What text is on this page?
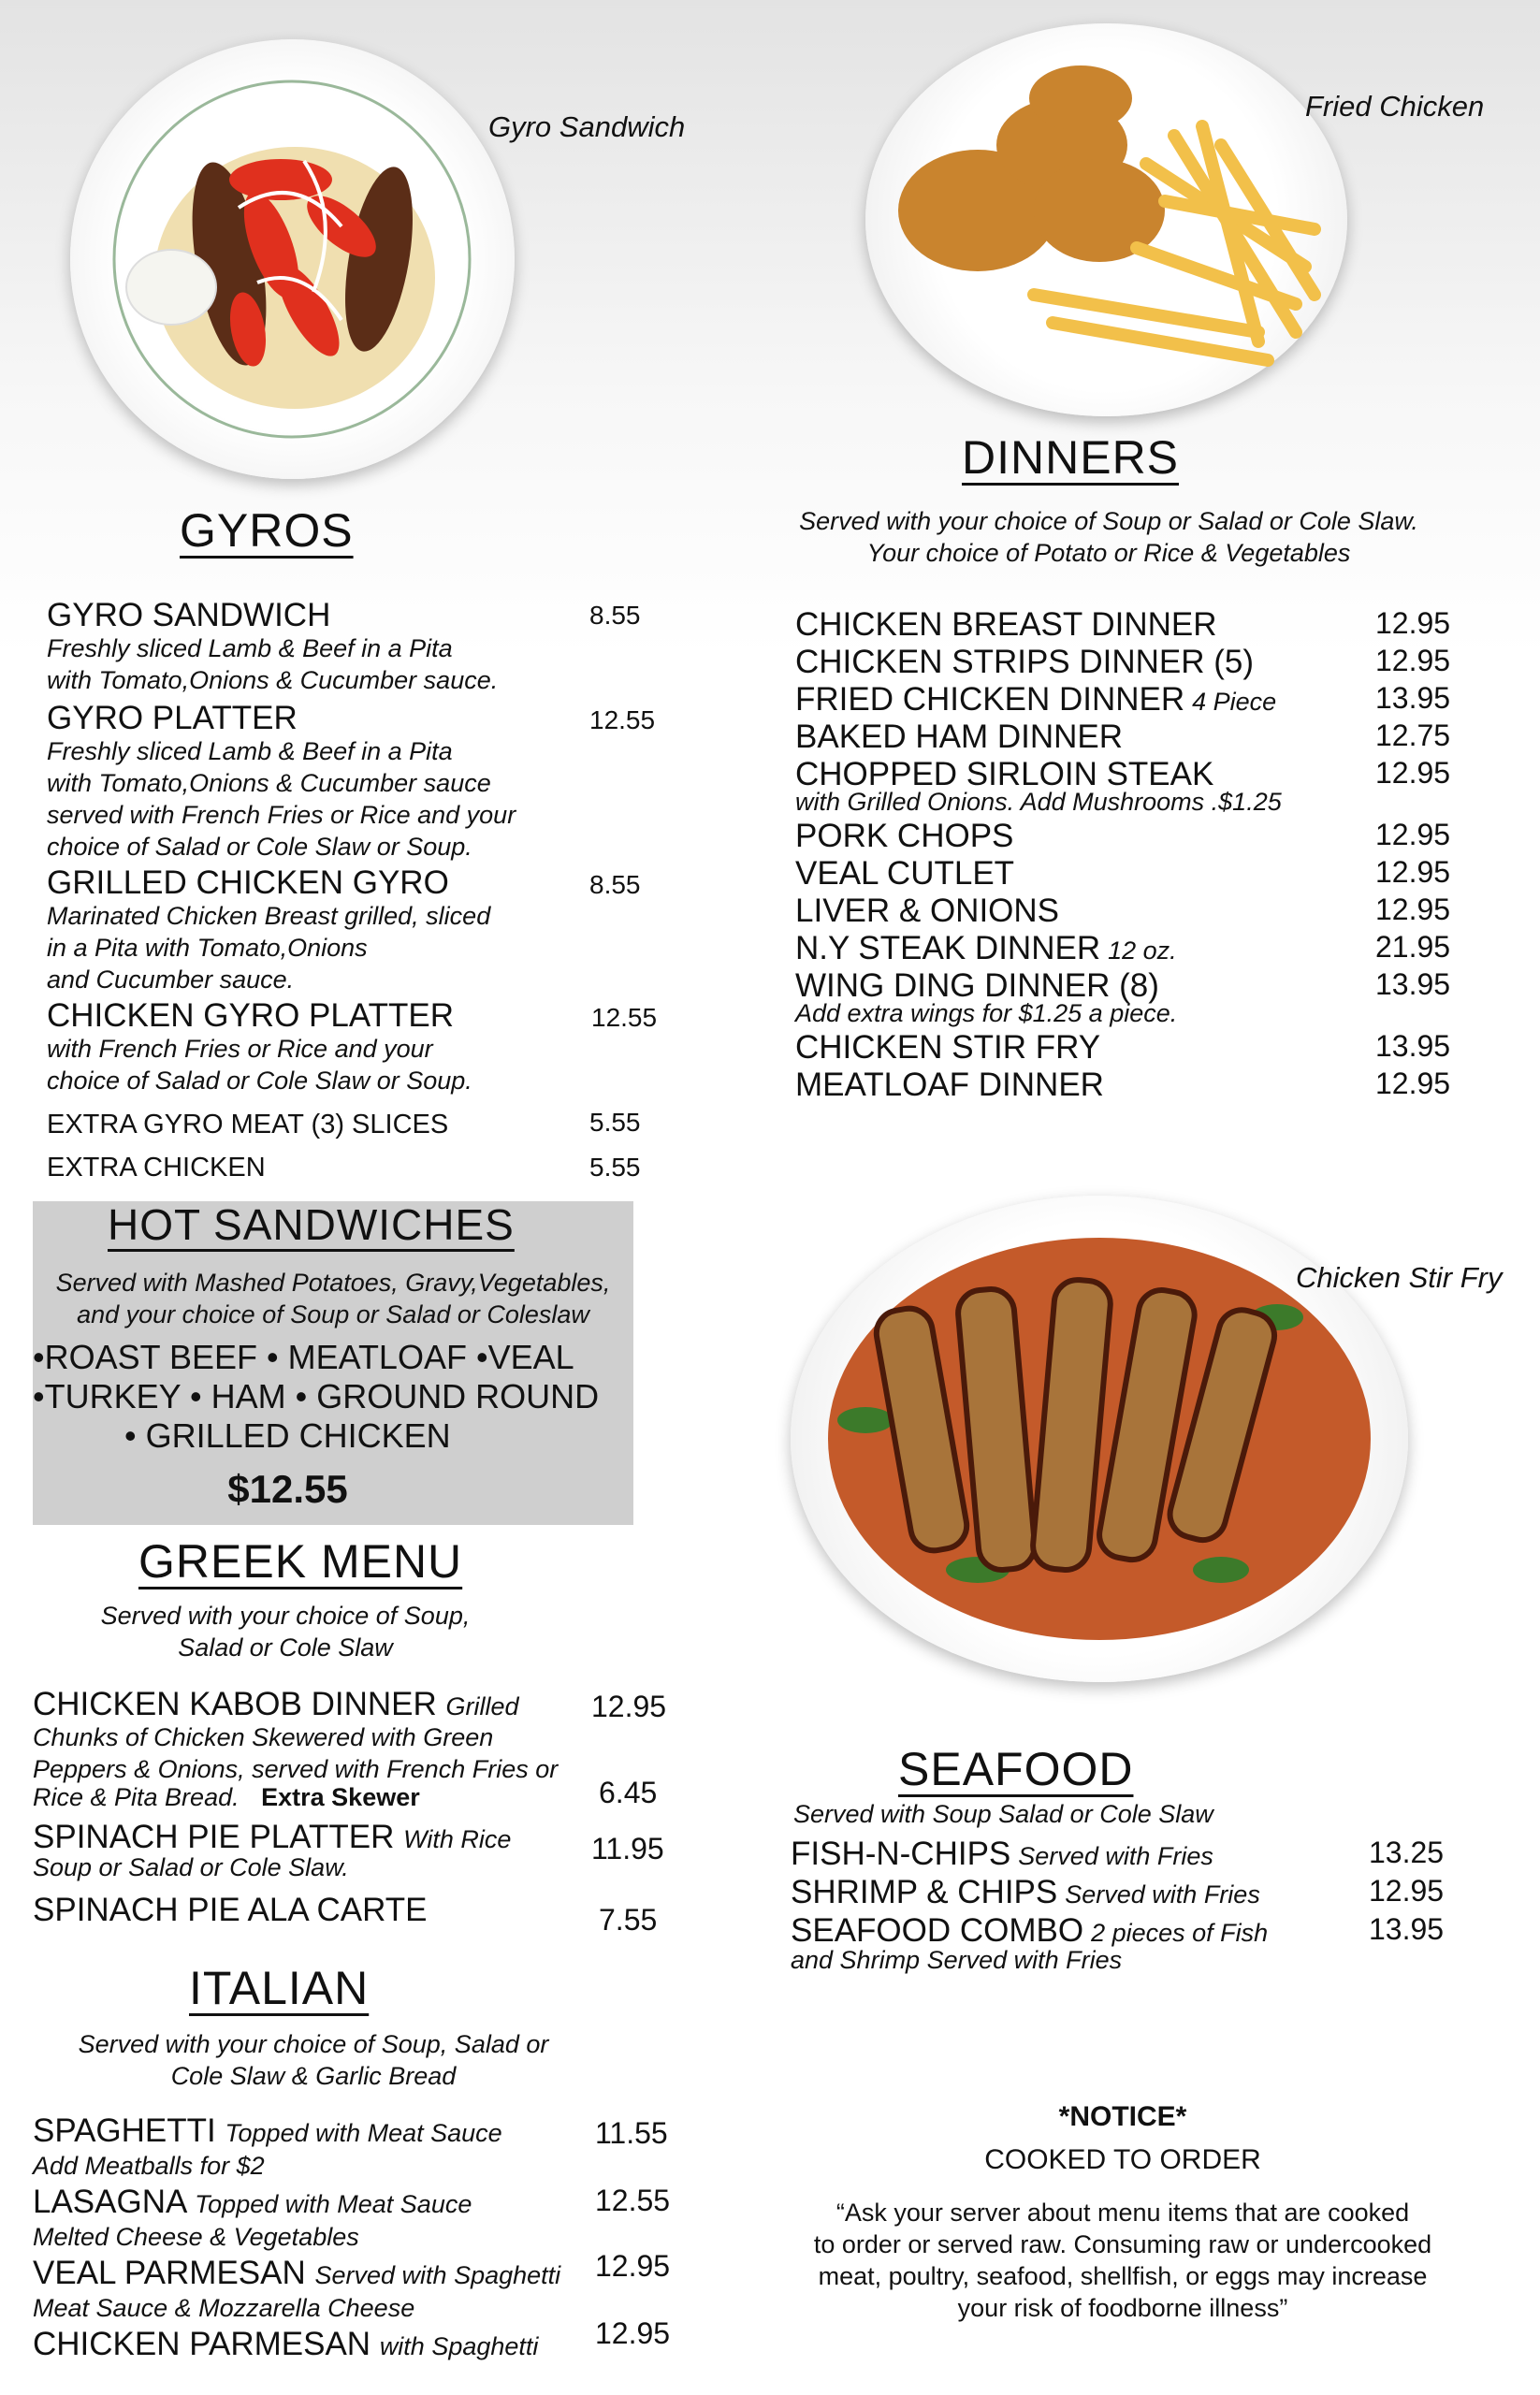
Gyro Sandwich
Fried Chicken
Chicken Stir Fry
GYROS
GYRO SANDWICH	8.55
Freshly sliced Lamb & Beef in a Pita
with Tomato,Onions & Cucumber sauce.
GYRO PLATTER	12.55
Freshly sliced Lamb & Beef in a Pita
with Tomato,Onions & Cucumber sauce
served with French Fries or Rice and your
choice of Salad or Cole Slaw or Soup.
GRILLED CHICKEN GYRO	8.55
Marinated Chicken Breast grilled, sliced
in a Pita with Tomato,Onions
and Cucumber sauce.
CHICKEN GYRO PLATTER	12.55
with French Fries or Rice and your
choice of Salad or Cole Slaw or Soup.
EXTRA GYRO MEAT (3) SLICES	5.55
EXTRA CHICKEN	5.55
HOT SANDWICHES
Served with Mashed Potatoes, Gravy,Vegetables,
and your choice of Soup or Salad or Coleslaw
•ROAST BEEF • MEATLOAF •VEAL
•TURKEY • HAM • GROUND ROUND
• GRILLED CHICKEN
$12.55
GREEK MENU
Served with your choice of Soup,
Salad or Cole Slaw
CHICKEN KABOB DINNER Grilled 12.95
Chunks of Chicken Skewered with Green
Peppers & Onions, served with French Fries or
Rice & Pita Bread. Extra Skewer	6.45
SPINACH PIE PLATTER With Rice	11.95
Soup or Salad or Cole Slaw.
SPINACH PIE ALA CARTE	7.55
ITALIAN
Served with your choice of Soup, Salad or
Cole Slaw & Garlic Bread
SPAGHETTI Topped with Meat Sauce	11.55
Add Meatballs for $2
LASAGNA Topped with Meat Sauce	12.55
Melted Cheese & Vegetables
VEAL PARMESAN Served with Spaghetti 12.95
Meat Sauce & Mozzarella Cheese
CHICKEN PARMESAN with Spaghetti 12.95
DINNERS
Served with your choice of Soup or Salad or Cole Slaw.
Your choice of Potato or Rice & Vegetables
CHICKEN BREAST DINNER	12.95
CHICKEN STRIPS DINNER (5)	12.95
FRIED CHICKEN DINNER 4 Piece	13.95
BAKED HAM DINNER	12.75
CHOPPED SIRLOIN STEAK	12.95
with Grilled Onions. Add Mushrooms .$1.25
PORK CHOPS	12.95
VEAL CUTLET	12.95
LIVER & ONIONS	12.95
N.Y STEAK DINNER 12 oz.	21.95
WING DING DINNER (8)	13.95
Add extra wings for $1.25 a piece.
CHICKEN STIR FRY	13.95
MEATLOAF DINNER	12.95
SEAFOOD
Served with Soup Salad or Cole Slaw
FISH-N-CHIPS Served with Fries	13.25
SHRIMP & CHIPS Served with Fries	12.95
SEAFOOD COMBO 2 pieces of Fish	13.95
and Shrimp Served with Fries
*NOTICE*
COOKED TO ORDER
“Ask your server about menu items that are cooked
to order or served raw. Consuming raw or undercooked
meat, poultry, seafood, shellfish, or eggs may increase
your risk of foodborne illness”
